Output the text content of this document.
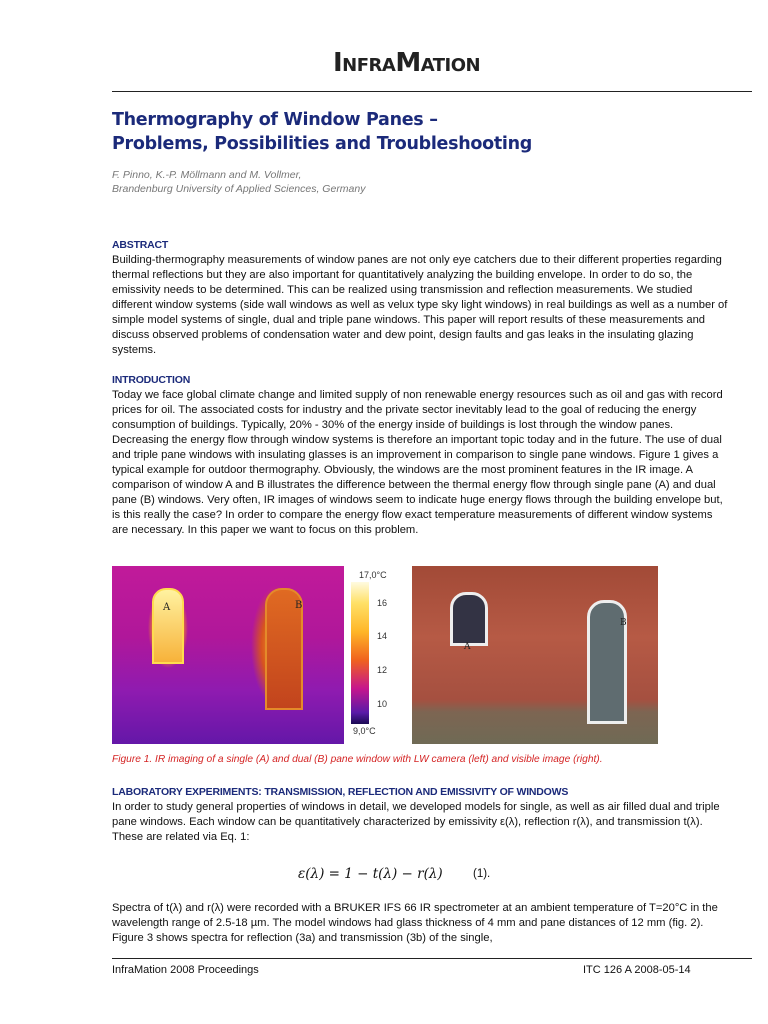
InfraMation
Thermography of Window Panes –
Problems, Possibilities and Troubleshooting
F. Pinno, K.-P. Möllmann and M. Vollmer,
Brandenburg University of Applied Sciences, Germany
ABSTRACT
Building-thermography measurements of window panes are not only eye catchers due to their different properties regarding thermal reflections but they are also important for quantitatively analyzing the building envelope. In order to do so, the emissivity needs to be determined. This can be realized using transmission and reflection measurements. We studied different window systems (side wall windows as well as velux type sky light windows) in real buildings as well as a number of simple model systems of single, dual and triple pane windows. This paper will report results of these measurements and discuss observed problems of condensation water and dew point, design faults and gas leaks in the insulating glazing systems.
INTRODUCTION
Today we face global climate change and limited supply of non renewable energy resources such as oil and gas with record prices for oil. The associated costs for industry and the private sector inevitably lead to the goal of reducing the energy consumption of buildings. Typically, 20% - 30% of the energy inside of buildings is lost through the window panes. Decreasing the energy flow through window systems is therefore an important topic today and in the future. The use of dual and triple pane windows with insulating glasses is an improvement in comparison to single pane windows. Figure 1 gives a typical example for outdoor thermography. Obviously, the windows are the most prominent features in the IR image. A comparison of window A and B illustrates the difference between the thermal energy flow through single pane (A) and dual pane (B) windows. Very often, IR images of windows seem to indicate huge energy flows through the building envelope but, is this really the case? In order to compare the energy flow exact temperature measurements of different window systems are necessary. In this paper we want to focus on this problem.
A	B
17,0°C
16
14
12
10
9,0°C
A
B
Figure 1. IR imaging of a single (A) and dual (B) pane window with LW camera (left) and visible image (right).
LABORATORY EXPERIMENTS: TRANSMISSION, REFLECTION AND EMISSIVITY OF WINDOWS
In order to study general properties of windows in detail, we developed models for single, as well as air filled dual and triple pane windows. Each window can be quantitatively characterized by emissivity ε(λ), reflection r(λ), and transmission t(λ). These are related via Eq. 1:
ε(λ) = 1 − t(λ) − r(λ)	(1).
Spectra of t(λ) and r(λ) were recorded with a BRUKER IFS 66 IR spectrometer at an ambient temperature of T=20°C in the wavelength range of 2.5-18 µm. The model windows had glass thickness of 4 mm and pane distances of 12 mm (fig. 2). Figure 3 shows spectra for reflection (3a) and transmission (3b) of the single,
InfraMation 2008 Proceedings	ITC 126 A 2008-05-14
